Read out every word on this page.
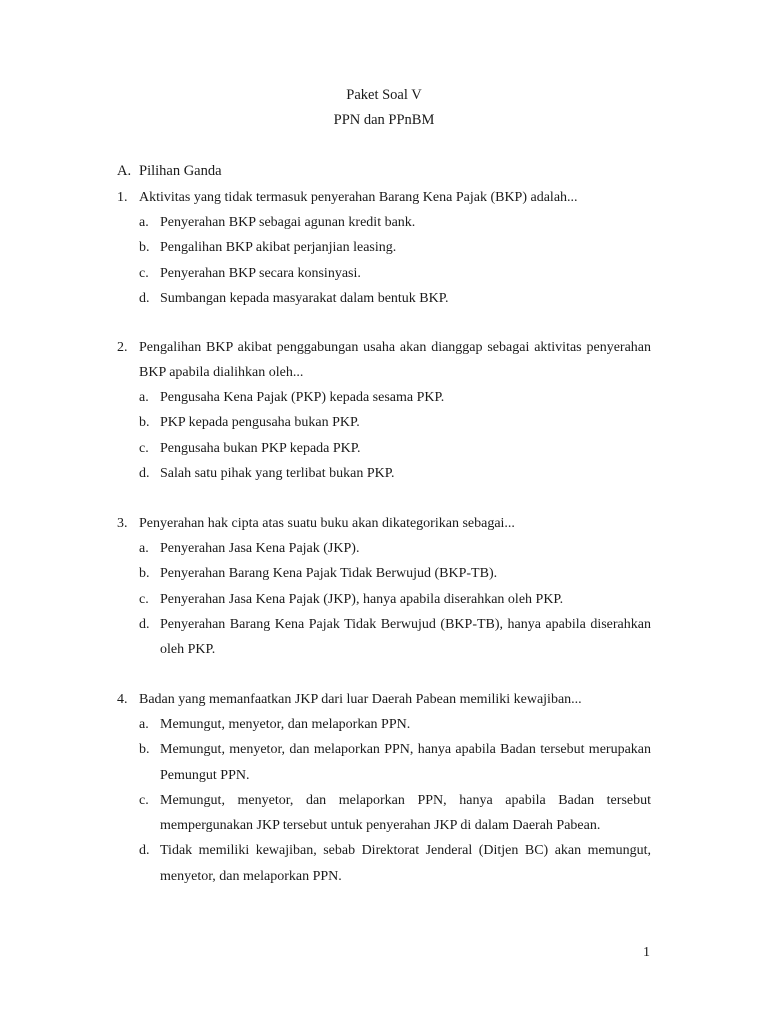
Paket Soal V
PPN dan PPnBM
A. Pilihan Ganda
1. Aktivitas yang tidak termasuk penyerahan Barang Kena Pajak (BKP) adalah...
a. Penyerahan BKP sebagai agunan kredit bank.
b. Pengalihan BKP akibat perjanjian leasing.
c. Penyerahan BKP secara konsinyasi.
d. Sumbangan kepada masyarakat dalam bentuk BKP.
2. Pengalihan BKP akibat penggabungan usaha akan dianggap sebagai aktivitas penyerahan BKP apabila dialihkan oleh...
a. Pengusaha Kena Pajak (PKP) kepada sesama PKP.
b. PKP kepada pengusaha bukan PKP.
c. Pengusaha bukan PKP kepada PKP.
d. Salah satu pihak yang terlibat bukan PKP.
3. Penyerahan hak cipta atas suatu buku akan dikategorikan sebagai...
a. Penyerahan Jasa Kena Pajak (JKP).
b. Penyerahan Barang Kena Pajak Tidak Berwujud (BKP-TB).
c. Penyerahan Jasa Kena Pajak (JKP), hanya apabila diserahkan oleh PKP.
d. Penyerahan Barang Kena Pajak Tidak Berwujud (BKP-TB), hanya apabila diserahkan oleh PKP.
4. Badan yang memanfaatkan JKP dari luar Daerah Pabean memiliki kewajiban...
a. Memungut, menyetor, dan melaporkan PPN.
b. Memungut, menyetor, dan melaporkan PPN, hanya apabila Badan tersebut merupakan Pemungut PPN.
c. Memungut, menyetor, dan melaporkan PPN, hanya apabila Badan tersebut mempergunakan JKP tersebut untuk penyerahan JKP di dalam Daerah Pabean.
d. Tidak memiliki kewajiban, sebab Direktorat Jenderal (Ditjen BC) akan memungut, menyetor, dan melaporkan PPN.
1
